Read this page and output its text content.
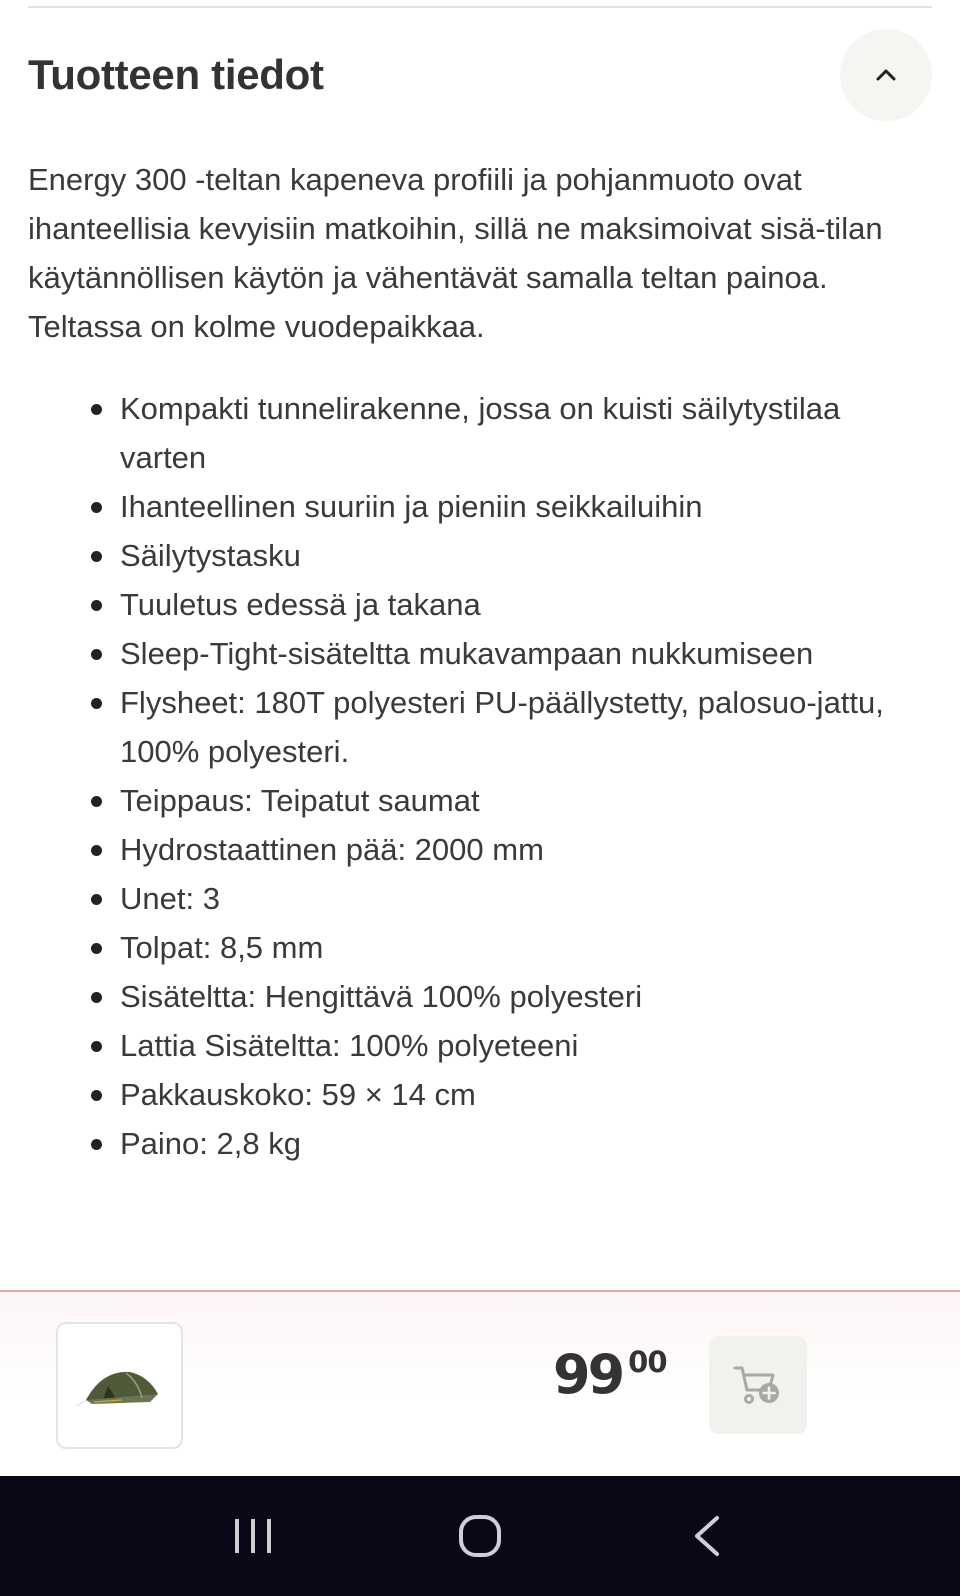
Tuotteen tiedot

Energy 300 -teltan kapeneva profiili ja pohjanmuoto ovat ihanteellisia kevyisiin matkoihin, sillä ne maksimoivat sisä-tilan käytännöllisen käytön ja vähentävät samalla teltan painoa. Teltassa on kolme vuodepaikkaa.

Kompakti tunnelirakenne, jossa on kuisti säilytystilaa varten
Ihanteellinen suuriin ja pieniin seikkailuihin
Säilytystasku
Tuuletus edessä ja takana
Sleep-Tight-sisäteltta mukavampaan nukkumiseen
Flysheet: 180T polyesteri PU-päällystetty, palosuo-jattu, 100% polyesteri.
Teippaus: Teipatut saumat
Hydrostaattinen pää: 2000 mm
Unet: 3
Tolpat: 8,5 mm
Sisäteltta: Hengittävä 100% polyesteri
Lattia Sisäteltta: 100% polyeteeni
Pakkauskoko: 59 × 14 cm
Paino: 2,8 kg
99 00
